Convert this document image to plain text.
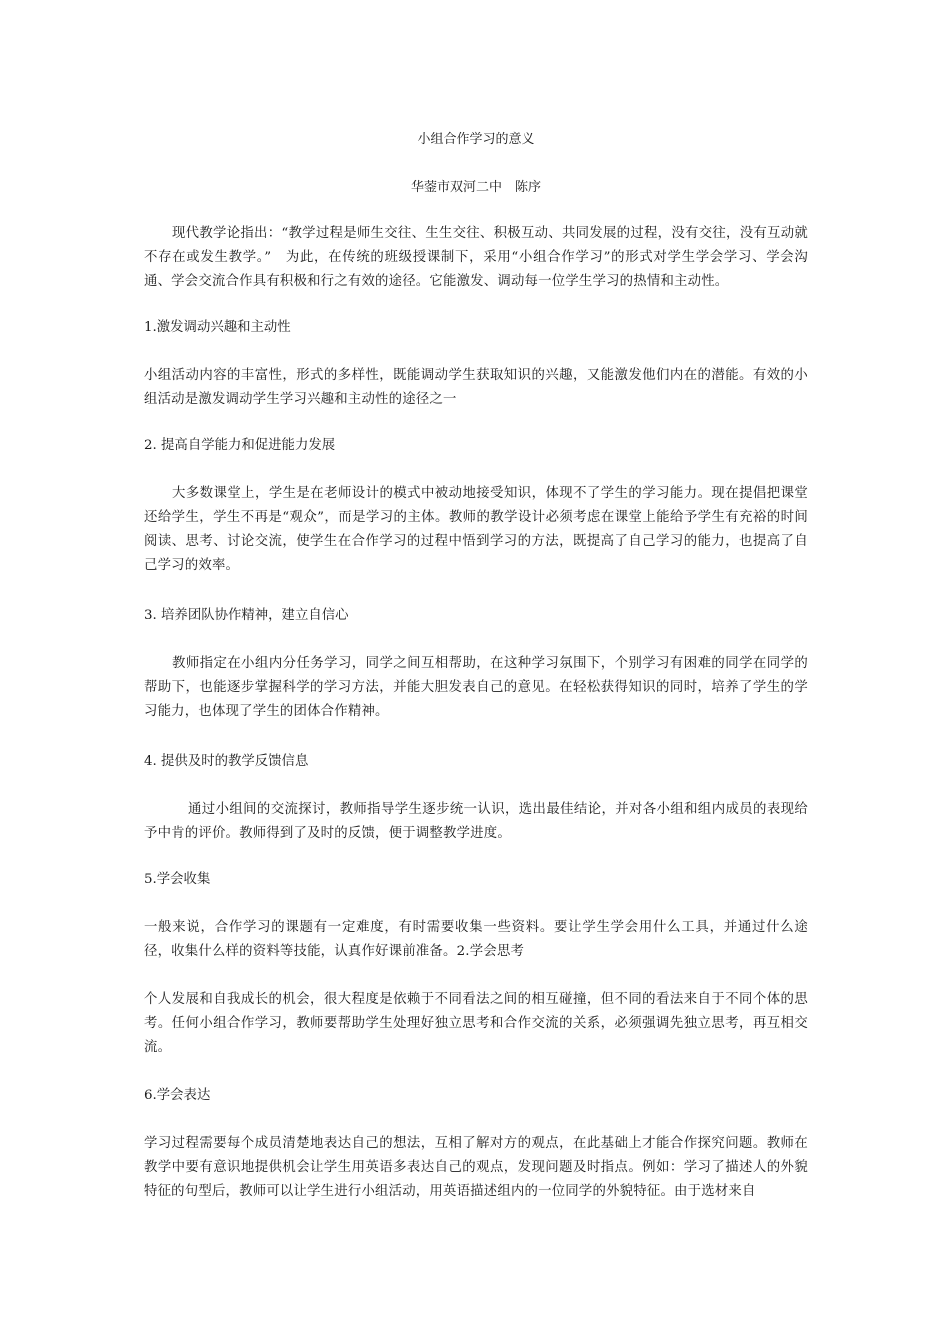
小组合作学习的意义
华蓥市双河二中　陈序
现代教学论指出：“教学过程是师生交往、生生交往、积极互动、共同发展的过程，没有交往，没有互动就不存在或发生教学。”　为此，在传统的班级授课制下，采用“小组合作学习”的形式对学生学会学习、学会沟通、学会交流合作具有积极和行之有效的途径。它能激发、调动每一位学生学习的热情和主动性。
1.激发调动兴趣和主动性
小组活动内容的丰富性，形式的多样性，既能调动学生获取知识的兴趣，又能激发他们内在的潜能。有效的小组活动是激发调动学生学习兴趣和主动性的途径之一
2. 提高自学能力和促进能力发展
大多数课堂上，学生是在老师设计的模式中被动地接受知识，体现不了学生的学习能力。现在提倡把课堂还给学生，学生不再是“观众”，而是学习的主体。教师的教学设计必须考虑在课堂上能给予学生有充裕的时间阅读、思考、讨论交流，使学生在合作学习的过程中悟到学习的方法，既提高了自己学习的能力，也提高了自己学习的效率。
3. 培养团队协作精神，建立自信心
教师指定在小组内分任务学习，同学之间互相帮助，在这种学习氛围下，个别学习有困难的同学在同学的帮助下，也能逐步掌握科学的学习方法，并能大胆发表自己的意见。在轻松获得知识的同时，培养了学生的学习能力，也体现了学生的团体合作精神。
4. 提供及时的教学反馈信息
通过小组间的交流探讨，教师指导学生逐步统一认识，选出最佳结论，并对各小组和组内成员的表现给予中肯的评价。教师得到了及时的反馈，便于调整教学进度。
5.学会收集
一般来说，合作学习的课题有一定难度，有时需要收集一些资料。要让学生学会用什么工具，并通过什么途径，收集什么样的资料等技能，认真作好课前准备。2.学会思考
个人发展和自我成长的机会，很大程度是依赖于不同看法之间的相互碰撞，但不同的看法来自于不同个体的思考。任何小组合作学习，教师要帮助学生处理好独立思考和合作交流的关系，必须强调先独立思考，再互相交流。
6.学会表达
学习过程需要每个成员清楚地表达自己的想法，互相了解对方的观点，在此基础上才能合作探究问题。教师在教学中要有意识地提供机会让学生用英语多表达自己的观点，发现问题及时指点。例如：学习了描述人的外貌特征的句型后，教师可以让学生进行小组活动，用英语描述组内的一位同学的外貌特征。由于选材来自
